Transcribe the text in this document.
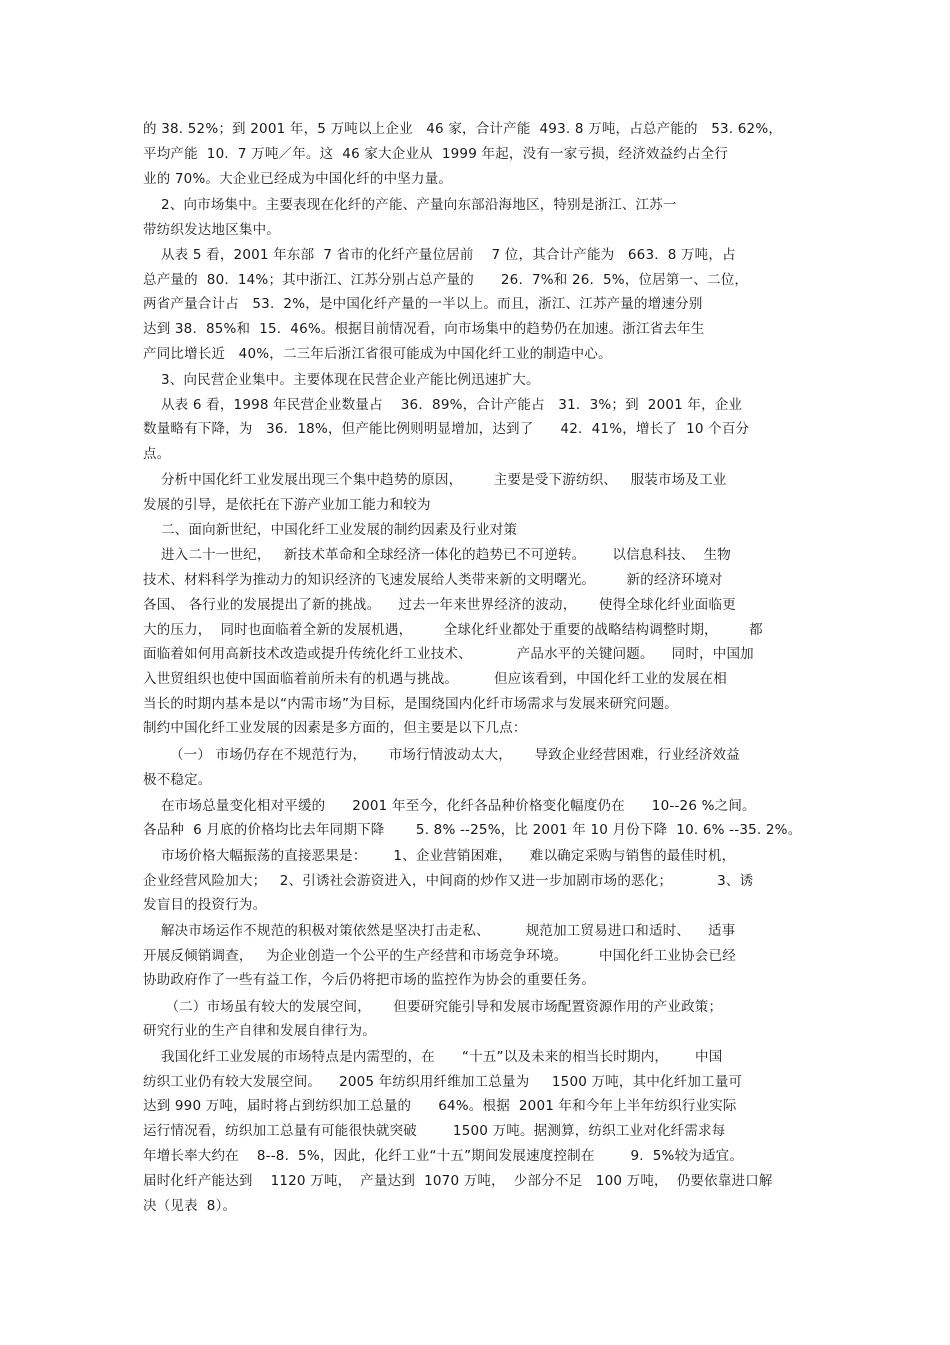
的 38. 52%；到 2001 年，5 万吨以上企业   46 家，合计产能  493. 8 万吨，占总产能的   53. 62%，
平均产能  10.  7 万吨／年。这  46 家大企业从  1999 年起，没有一家亏损，经济效益约占全行
业的 70%。大企业已经成为中国化纤的中坚力量。
2、向市场集中。主要表现在化纤的产能、产量向东部沿海地区，特别是浙江、江苏一
带纺织发达地区集中。
从表 5 看，2001 年东部  7 省市的化纤产量位居前    7 位，其合计产能为   663.  8 万吨，占
总产量的  80.  14%；其中浙江、江苏分别占总产量的      26.  7%和 26.  5%，位居第一、二位，
两省产量合计占   53.  2%，是中国化纤产量的一半以上。而且，浙江、江苏产量的增速分别
达到 38.  85%和  15.  46%。根据目前情况看，向市场集中的趋势仍在加速。浙江省去年生
产同比增长近   40%，二三年后浙江省很可能成为中国化纤工业的制造中心。
3、向民营企业集中。主要体现在民营企业产能比例迅速扩大。
从表 6 看，1998 年民营企业数量占    36．89%，合计产能占   31．3%；到  2001 年，企业
数量略有下降，为   36．18%，但产能比例则明显增加，达到了      42．41%，增长了  10 个百分
点。
分析中国化纤工业发展出现三个集中趋势的原因，       主要是受下游纺织、   服装市场及工业
发展的引导，是依托在下游产业加工能力和较为
二、面向新世纪，中国化纤工业发展的制约因素及行业对策
进入二十一世纪，   新技术革命和全球经济一体化的趋势已不可逆转。      以信息科技、  生物
技术、材料科学为推动力的知识经济的飞速发展给人类带来新的文明曙光。       新的经济环境对
各国、 各行业的发展提出了新的挑战。    过去一年来世界经济的波动，     使得全球化纤业面临更
大的压力，  同时也面临着全新的发展机遇，       全球化纤业都处于重要的战略结构调整时期，       都
面临着如何用高新技术改造或提升传统化纤工业技术、          产品水平的关键问题。    同时，中国加
入世贸组织也使中国面临着前所未有的机遇与挑战。        但应该看到，中国化纤工业的发展在相
当长的时期内基本是以“内需市场”为目标，是围绕国内化纤市场需求与发展来研究问题。
制约中国化纤工业发展的因素是多方面的，但主要是以下几点：
（一） 市场仍存在不规范行为，     市场行情波动太大，     导致企业经营困难，行业经济效益
极不稳定。
在市场总量变化相对平缓的      2001 年至今，化纤各品种价格变化幅度仍在      10--26 %之间。
各品种  6 月底的价格均比去年同期下降       5. 8% --25%，比 2001 年 10 月份下降  10. 6% --35. 2%。
市场价格大幅振荡的直接恶果是：      1、企业营销困难，    难以确定采购与销售的最佳时机，
企业经营风险加大；   2、引诱社会游资进入，中间商的炒作又进一步加剧市场的恶化；          3、诱
发盲目的投资行为。
解决市场运作不规范的积极对策依然是坚决打击走私、        规范加工贸易进口和适时、    适事
开展反倾销调查，   为企业创造一个公平的生产经营和市场竞争环境。       中国化纤工业协会已经
协助政府作了一些有益工作，今后仍将把市场的监控作为协会的重要任务。
（二）市场虽有较大的发展空间，     但要研究能引导和发展市场配置资源作用的产业政策；
研究行业的生产自律和发展自律行为。
我国化纤工业发展的市场特点是内需型的，在      “十五”以及未来的相当长时期内，      中国
纺织工业仍有较大发展空间。    2005 年纺织用纤维加工总量为     1500 万吨，其中化纤加工量可
达到 990 万吨，届时将占到纺织加工总量的      64%。根据  2001 年和今年上半年纺织行业实际
运行情况看，纺织加工总量有可能很快就突破        1500 万吨。据测算，纺织工业对化纤需求每
年增长率大约在    8--8.  5%，因此，化纤工业“十五”期间发展速度控制在        9.  5%较为适宜。
届时化纤产能达到    1120 万吨，  产量达到  1070 万吨，  少部分不足   100 万吨，  仍要依靠进口解
决（见表  8）。
